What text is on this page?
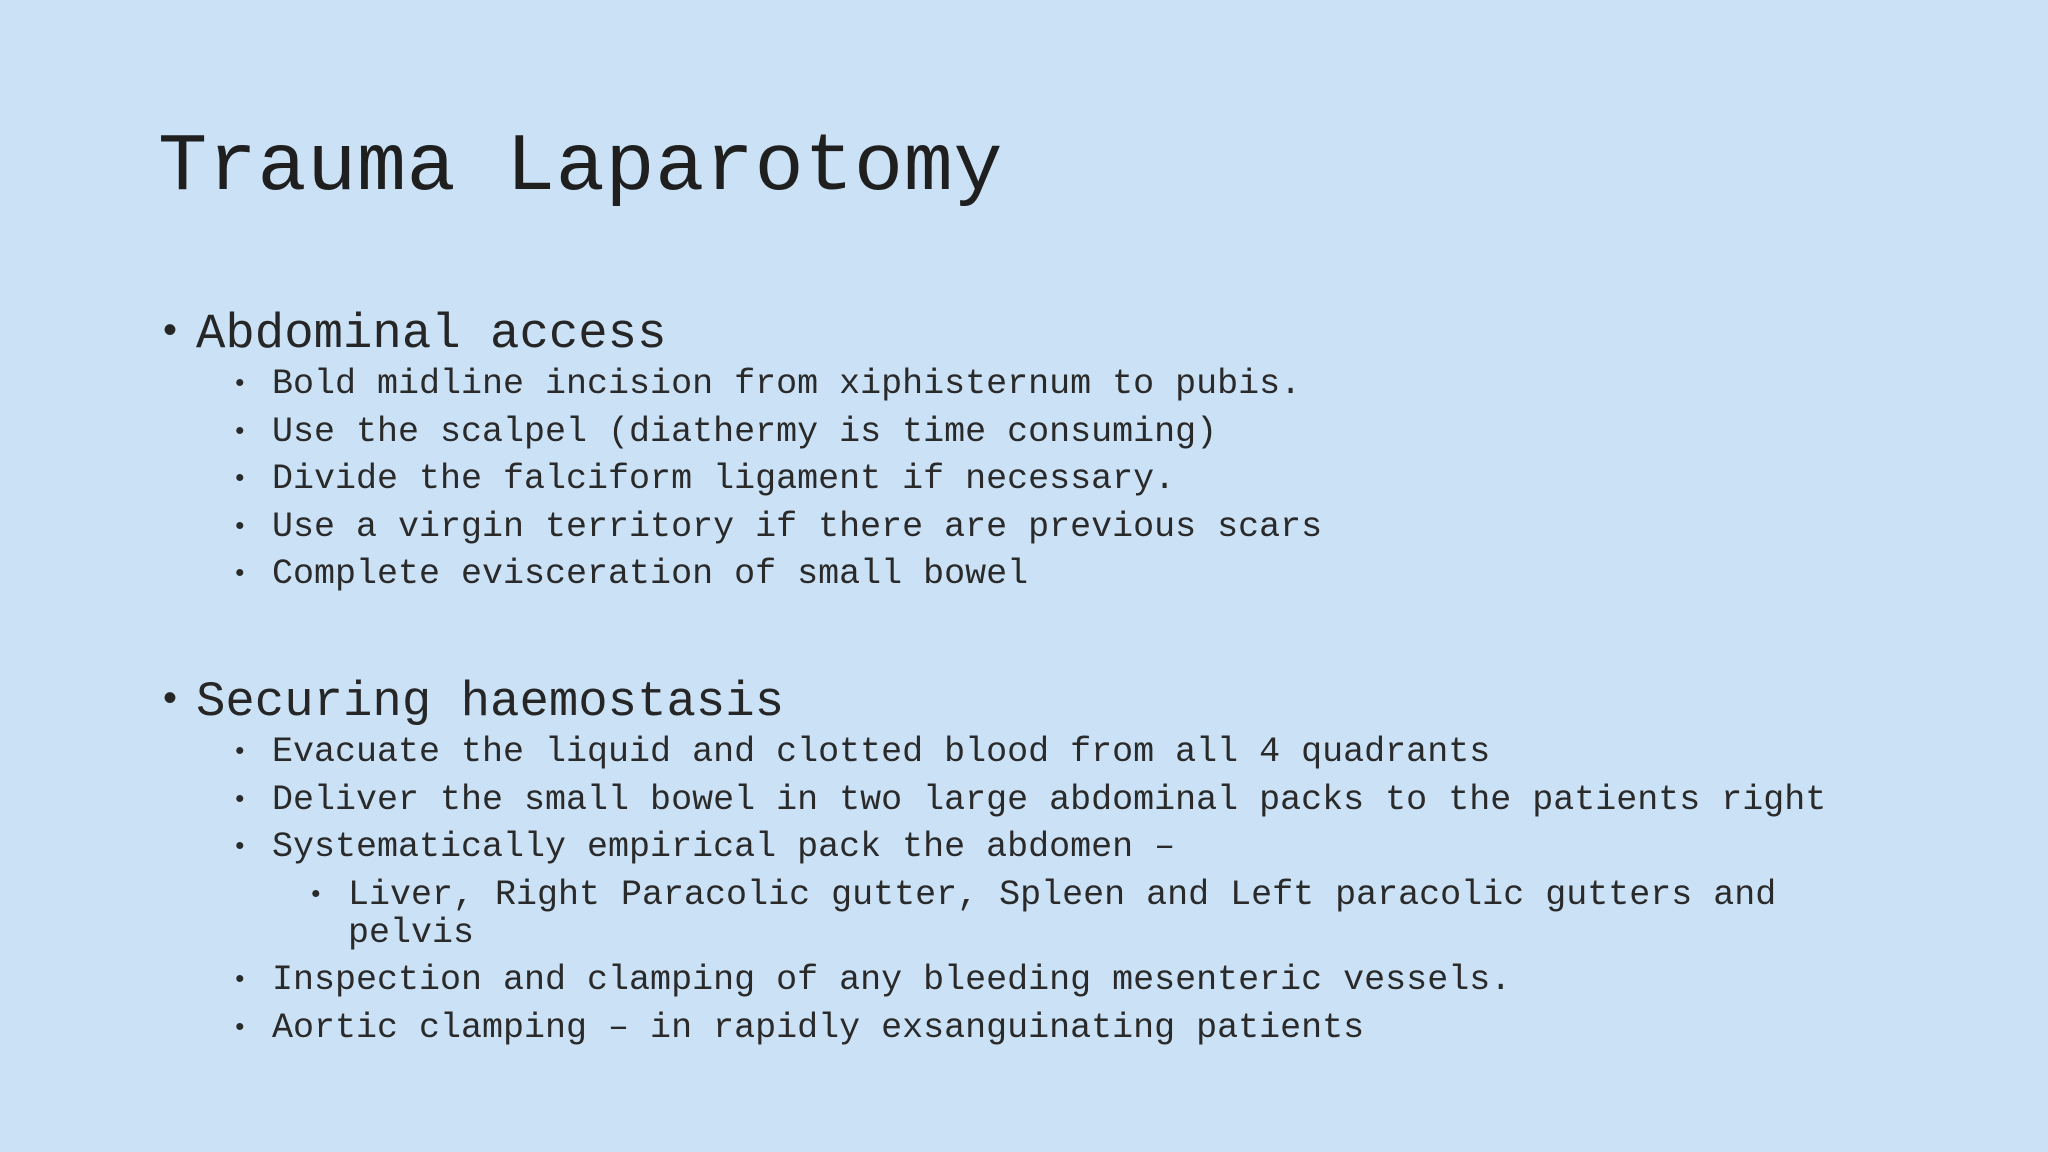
Trauma Laparotomy
• Abdominal access
• Bold midline incision from xiphisternum to pubis.
• Use the scalpel (diathermy is time consuming)
• Divide the falciform ligament if necessary.
• Use a virgin territory if there are previous scars
• Complete evisceration of small bowel
• Securing haemostasis
• Evacuate the liquid and clotted blood from all 4 quadrants
• Deliver the small bowel in two large abdominal packs to the patients right
• Systematically empirical pack the abdomen –
• Liver, Right Paracolic gutter, Spleen and Left paracolic gutters and pelvis
• Inspection and clamping of any bleeding mesenteric vessels.
• Aortic clamping – in rapidly exsanguinating patients
